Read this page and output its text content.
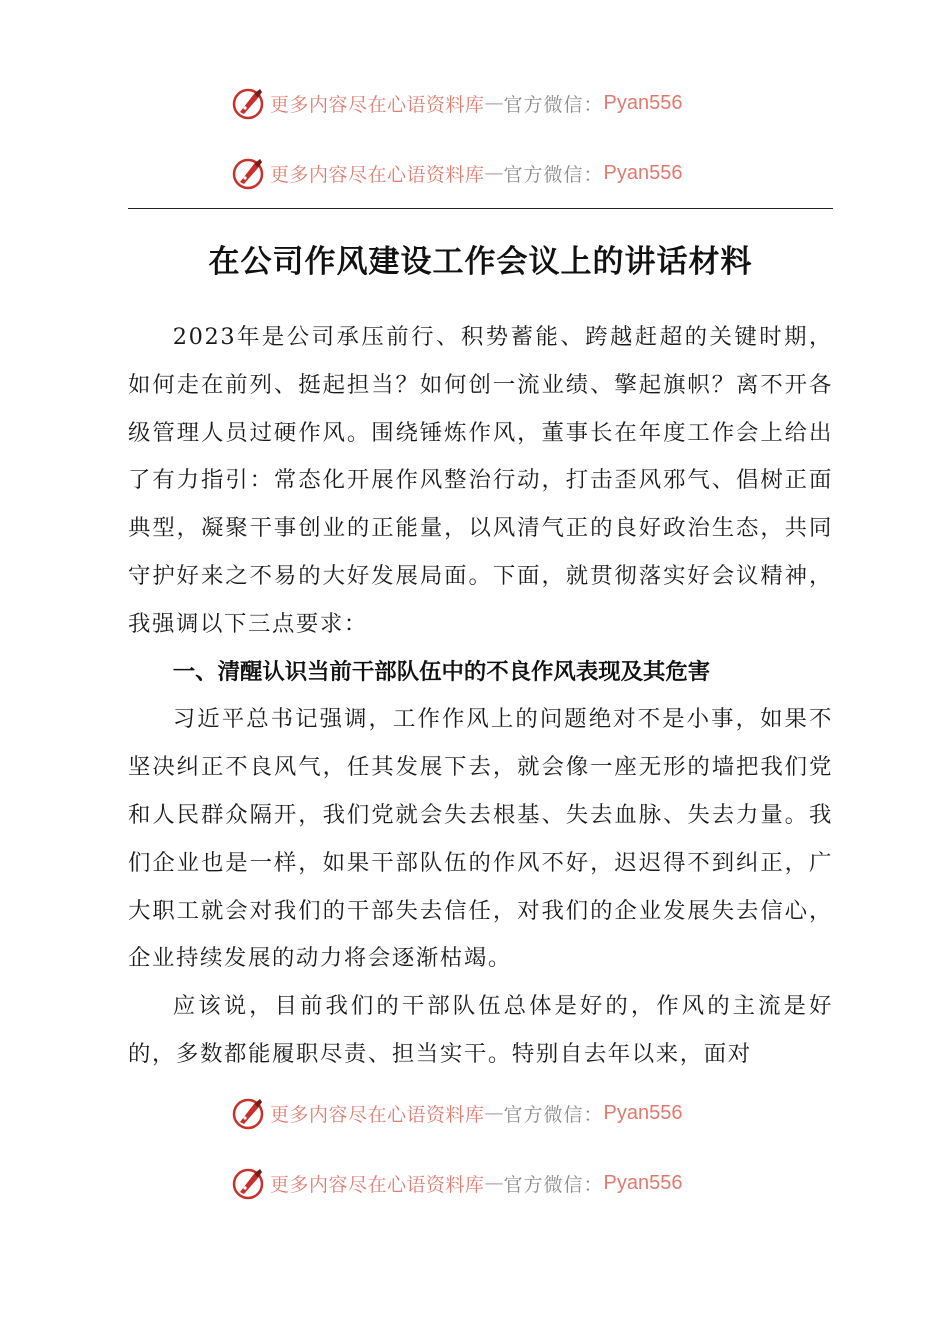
更多内容尽在心语资料库 — 官方微信： Pyan556
更多内容尽在心语资料库 — 官方微信： Pyan556
在公司作风建设工作会议上的讲话材料

2023年是公司承压前行、积势蓄能、跨越赶超的关键时期，如何走在前列、挺起担当？如何创一流业绩、擎起旗帜？离不开各级管理人员过硬作风。围绕锤炼作风，董事长在年度工作会上给出了有力指引：常态化开展作风整治行动，打击歪风邪气、倡树正面典型，凝聚干事创业的正能量，以风清气正的良好政治生态，共同守护好来之不易的大好发展局面。下面，就贯彻落实好会议精神，我强调以下三点要求：

一、清醒认识当前干部队伍中的不良作风表现及其危害

习近平总书记强调，工作作风上的问题绝对不是小事，如果不坚决纠正不良风气，任其发展下去，就会像一座无形的墙把我们党和人民群众隔开，我们党就会失去根基、失去血脉、失去力量。我们企业也是一样，如果干部队伍的作风不好，迟迟得不到纠正，广大职工就会对我们的干部失去信任，对我们的企业发展失去信心，企业持续发展的动力将会逐渐枯竭。

应该说，目前我们的干部队伍总体是好的，作风的主流是好的，多数都能履职尽责、担当实干。特别自去年以来，面对

更多内容尽在心语资料库 — 官方微信： Pyan556
更多内容尽在心语资料库 — 官方微信： Pyan556
